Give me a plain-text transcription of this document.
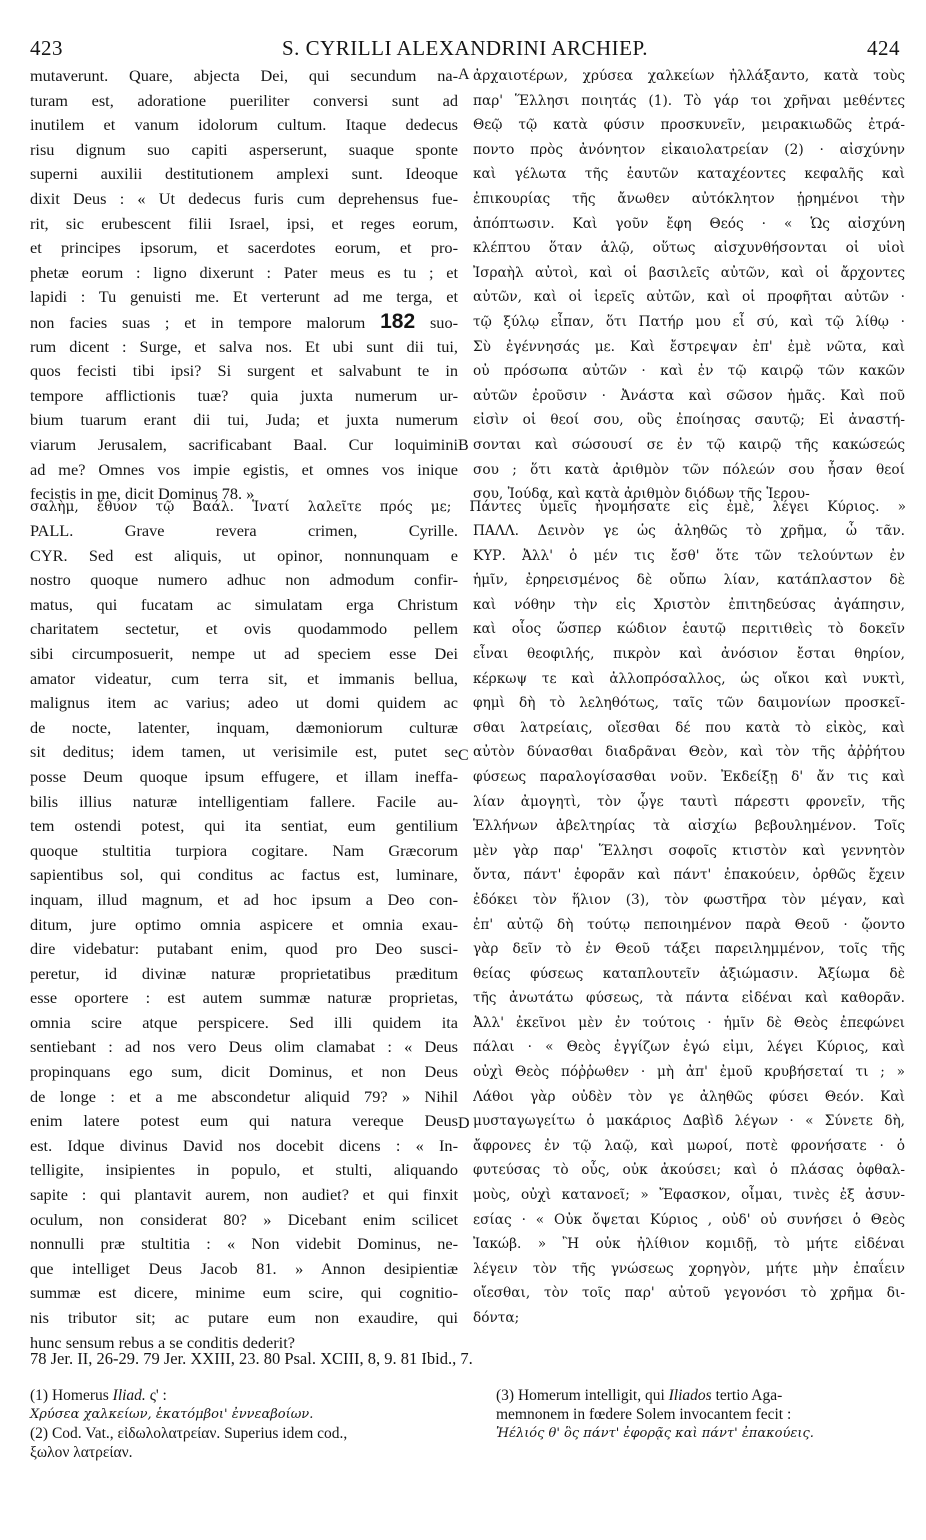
423	S. CYRILLI ALEXANDRINI ARCHIEP.	424
A
B
C
D
mutaverunt. Quare, abjecta Dei, qui secundum na-
turam est, adoratione pueriliter conversi sunt ad
inutilem et vanum idolorum cultum. Itaque dedecus
risu dignum suo capiti asperserunt, suaque sponte
superni auxilii destitutionem amplexi sunt. Ideoque
dixit Deus : « Ut dedecus furis cum deprehensus fue-
rit, sic erubescent filii Israel, ipsi, et reges eorum,
et principes ipsorum, et sacerdotes eorum, et pro-
phetæ eorum : ligno dixerunt : Pater meus es tu ; et
lapidi : Tu genuisti me. Et verterunt ad me terga, et
non facies suas ; et in tempore malorum 182 suo-
rum dicent : Surge, et salva nos. Et ubi sunt dii tui,
quos fecisti tibi ipsi? Si surgent et salvabunt te in
tempore afflictionis tuæ? quia juxta numerum ur-
bium tuarum erant dii tui, Juda; et juxta numerum
viarum Jerusalem, sacrificabant Baal. Cur loquimini
ad me? Omnes vos impie egistis, et omnes vos inique
fecistis in me, dicit Dominus 78. »
ἀρχαιοτέρων, χρύσεα χαλκείων ἠλλάξαντο, κατὰ τοὺς
παρ' Ἕλλησι ποιητάς (1). Τὸ γάρ τοι χρῆναι μεθέντες
Θεῷ τῷ κατὰ φύσιν προσκυνεῖν, μειρακιωδῶς ἐτρά-
ποντο πρὸς ἀνόνητον εἰκαιολατρείαν (2) · αἰσχύνην
καὶ γέλωτα τῆς ἑαυτῶν καταχέοντες κεφαλῆς καὶ
ἐπικουρίας τῆς ἄνωθεν αὐτόκλητον ᾑρημένοι τὴν
ἀπόπτωσιν. Καὶ γοῦν ἔφη Θεός · « Ὡς αἰσχύνη
κλέπτου ὅταν ἁλῷ, οὕτως αἰσχυνθήσονται οἱ υἱοὶ
Ἰσραὴλ αὐτοὶ, καὶ οἱ βασιλεῖς αὐτῶν, καὶ οἱ ἄρχοντες
αὐτῶν, καὶ οἱ ἱερεῖς αὐτῶν, καὶ οἱ προφῆται αὐτῶν ·
τῷ ξύλῳ εἶπαν, ὅτι Πατήρ μου εἶ σύ, καὶ τῷ λίθῳ ·
Σὺ ἐγέννησάς με. Καὶ ἔστρεψαν ἐπ' ἐμὲ νῶτα, καὶ
οὐ πρόσωπα αὐτῶν · καὶ ἐν τῷ καιρῷ τῶν κακῶν
αὐτῶν ἐροῦσιν · Ἀνάστα καὶ σῶσον ἡμᾶς. Καὶ ποῦ
εἰσὶν οἱ θεοί σου, οὓς ἐποίησας σαυτῷ; Εἰ ἀναστή-
σονται καὶ σώσουσί σε ἐν τῷ καιρῷ τῆς κακώσεώς
σου ; ὅτι κατὰ ἀριθμὸν τῶν πόλεών σου ἦσαν θεοί
σου, Ἰούδα, καὶ κατὰ ἀριθμὸν διόδων τῆς Ἱερου-
σαλὴμ, ἔθυον τῷ Βαάλ. Ἱνατί λαλεῖτε πρός με; Πάντες ὑμεῖς ἠνομήσατε εἰς ἐμὲ, λέγει Κύριος. »
PALL. Grave revera crimen, Cyrille.
CYR. Sed est aliquis, ut opinor, nonnunquam e
nostro quoque numero adhuc non admodum confir-
matus, qui fucatam ac simulatam erga Christum
charitatem sectetur, et ovis quodammodo pellem
sibi circumposuerit, nempe ut ad speciem esse Dei
amator videatur, cum terra sit, et immanis bellua,
malignus item ac varius; adeo ut domi quidem ac
de nocte, latenter, inquam, dæmoniorum culturæ
sit deditus; idem tamen, ut verisimile est, putet se
posse Deum quoque ipsum effugere, et illam ineffa-
bilis illius naturæ intelligentiam fallere. Facile au-
tem ostendi potest, qui ita sentiat, eum gentilium
quoque stultitia turpiora cogitare. Nam Græcorum
sapientibus sol, qui conditus ac factus est, luminare,
inquam, illud magnum, et ad hoc ipsum a Deo con-
ditum, jure optimo omnia aspicere et omnia exau-
dire videbatur: putabant enim, quod pro Deo susci-
peretur, id divinæ naturæ proprietatibus præditum
esse oportere : est autem summæ naturæ proprietas,
omnia scire atque perspicere. Sed illi quidem ita
sentiebant : ad nos vero Deus olim clamabat : « Deus
propinquans ego sum, dicit Dominus, et non Deus
de longe : et a me abscondetur aliquid 79? » Nihil
enim latere potest eum qui natura vereque Deus
est. Idque divinus David nos docebit dicens : « In-
telligite, insipientes in populo, et stulti, aliquando
sapite : qui plantavit aurem, non audiet? et qui finxit
oculum, non considerat 80? » Dicebant enim scilicet
nonnulli præ stultitia : « Non videbit Dominus, ne-
que intelliget Deus Jacob 81. » Annon desipientiæ
summæ est dicere, minime eum scire, qui cognitio-
nis tributor sit; ac putare eum non exaudire, qui
hunc sensum rebus a se conditis dederit?
ΠΑΛΛ. Δεινὸν γε ὡς ἀληθῶς τὸ χρῆμα, ὦ τᾶν.
ΚΥΡ. Ἀλλ' ὁ μέν τις ἔσθ' ὅτε τῶν τελούντων ἐν
ἡμῖν, ἐρηρεισμένος δὲ οὔπω λίαν, κατάπλαστον δὲ
καὶ νόθην τὴν εἰς Χριστὸν ἐπιτηδεύσας ἀγάπησιν,
καὶ οἷος ὥσπερ κώδιον ἑαυτῷ περιτιθεὶς τὸ δοκεῖν
εἶναι θεοφιλής, πικρὸν καὶ ἀνόσιον ἔσται θηρίον,
κέρκωψ τε καὶ ἀλλοπρόσαλλος, ὡς οἴκοι καὶ νυκτὶ,
φημὶ δὴ τὸ λεληθότως, ταῖς τῶν δαιμονίων προσκεῖ-
σθαι λατρείαις, οἴεσθαι δέ που κατὰ τὸ εἰκὸς, καὶ
αὐτὸν δύνασθαι διαδρᾶναι Θεὸν, καὶ τὸν τῆς ἀῤῥήτου
φύσεως παραλογίσασθαι νοῦν. Ἐκδείξῃ δ' ἄν τις καὶ
λίαν ἀμογητὶ, τὸν ᾧγε ταυτὶ πάρεστι φρονεῖν, τῆς
Ἑλλήνων ἀβελτηρίας τὰ αἰσχίω βεβουλημένον. Τοῖς
μὲν γὰρ παρ' Ἕλλησι σοφοῖς κτιστὸν καὶ γεννητὸν
ὄντα, πάντ' ἐφορᾶν καὶ πάντ' ἐπακούειν, ὀρθῶς ἔχειν
ἐδόκει τὸν ἥλιον (3), τὸν φωστῆρα τὸν μέγαν, καὶ
ἐπ' αὐτῷ δὴ τούτῳ πεποιημένον παρὰ Θεοῦ · ᾤοντο
γὰρ δεῖν τὸ ἐν Θεοῦ τάξει παρειλημμένον, τοῖς τῆς
θείας φύσεως καταπλουτεῖν ἀξιώμασιν. Ἀξίωμα δὲ
τῆς ἀνωτάτω φύσεως, τὰ πάντα εἰδέναι καὶ καθορᾶν.
Ἀλλ' ἐκεῖνοι μὲν ἐν τούτοις · ἡμῖν δὲ Θεὸς ἐπεφώνει
πάλαι · « Θεὸς ἐγγίζων ἐγώ εἰμι, λέγει Κύριος, καὶ
οὐχὶ Θεὸς πόῤῥωθεν · μὴ ἀπ' ἐμοῦ κρυβήσεταί τι ; »
Λάθοι γὰρ οὐδὲν τὸν γε ἀληθῶς φύσει Θεόν. Καὶ
μυσταγωγείτω ὁ μακάριος Δαβὶδ λέγων · « Σύνετε δὴ,
ἄφρονες ἐν τῷ λαῷ, καὶ μωροί, ποτὲ φρονήσατε · ὁ
φυτεύσας τὸ οὖς, οὐκ ἀκούσει; καὶ ὁ πλάσας ὀφθαλ-
μοὺς, οὐχὶ κατανοεῖ; » Ἔφασκον, οἶμαι, τινὲς ἐξ ἀσυν-
εσίας · « Οὐκ ὄψεται Κύριος , οὐδ' οὐ συνήσει ὁ Θεὸς
Ἰακώβ. » Ἢ οὐκ ἠλίθιον κομιδῇ, τὸ μήτε εἰδέναι
λέγειν τὸν τῆς γνώσεως χορηγὸν, μήτε μὴν ἐπαΐειν
οἴεσθαι, τὸν τοῖς παρ' αὐτοῦ γεγονόσι τὸ χρῆμα δι-
δόντα;
78 Jer. II, 26-29. 79 Jer. XXIII, 23. 80 Psal. XCIII, 8, 9. 81 Ibid., 7.
(1) Homerus Iliad. ς' :
Χρύσεα χαλκείων, ἑκατόμβοι' ἐννεαβοίων.
(2) Cod. Vat., εἰδωλολατρείαν. Superius idem cod.,
ξωλον λατρείαν.
(3) Homerum intelligit, qui Iliados tertio Aga-
memnonem in fœdere Solem invocantem fecit :
Ἠέλιός θ' ὃς πάντ' ἐφορᾷς καὶ πάντ' ἐπακούεις.
